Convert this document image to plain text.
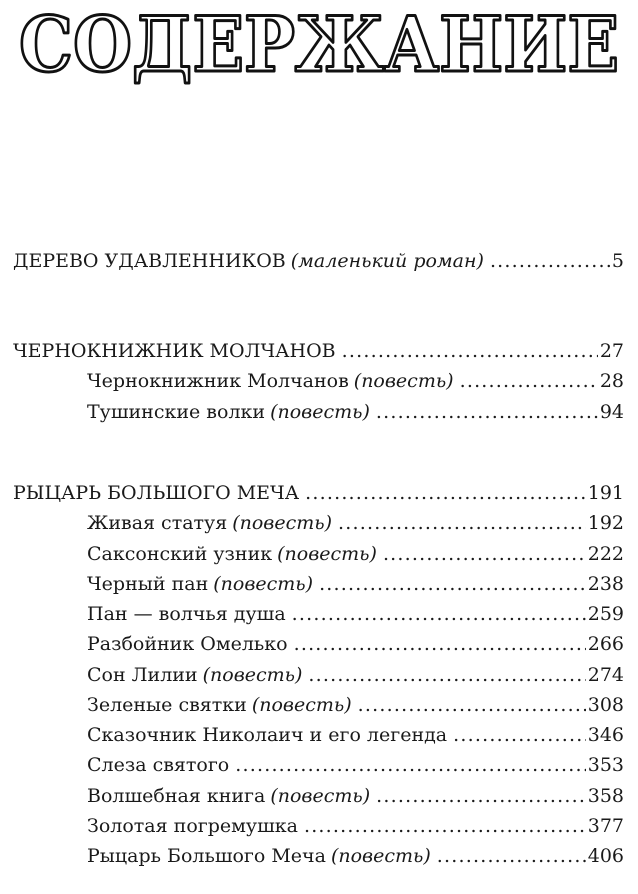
СОДЕРЖАНИЕ
ДЕРЕВО УДАВЛЕННИКОВ (маленький роман) .....	5
ЧЕРНОКНИЖНИК МОЛЧАНОВ .....	27
Чернокнижник Молчанов (повесть) .....	28
Тушинские волки (повесть) .....	94
РЫЦАРЬ БОЛЬШОГО МЕЧА .....	191
Живая статуя (повесть) .....	192
Саксонский узник (повесть) .....	222
Черный пан (повесть) .....	238
Пан — волчья душа .....	259
Разбойник Омелько .....	266
Сон Лилии (повесть) .....	274
Зеленые святки (повесть) .....	308
Сказочник Николаич и его легенда .....	346
Слеза святого .....	353
Волшебная книга (повесть) .....	358
Золотая погремушка .....	377
Рыцарь Большого Меча (повесть) .....	406
